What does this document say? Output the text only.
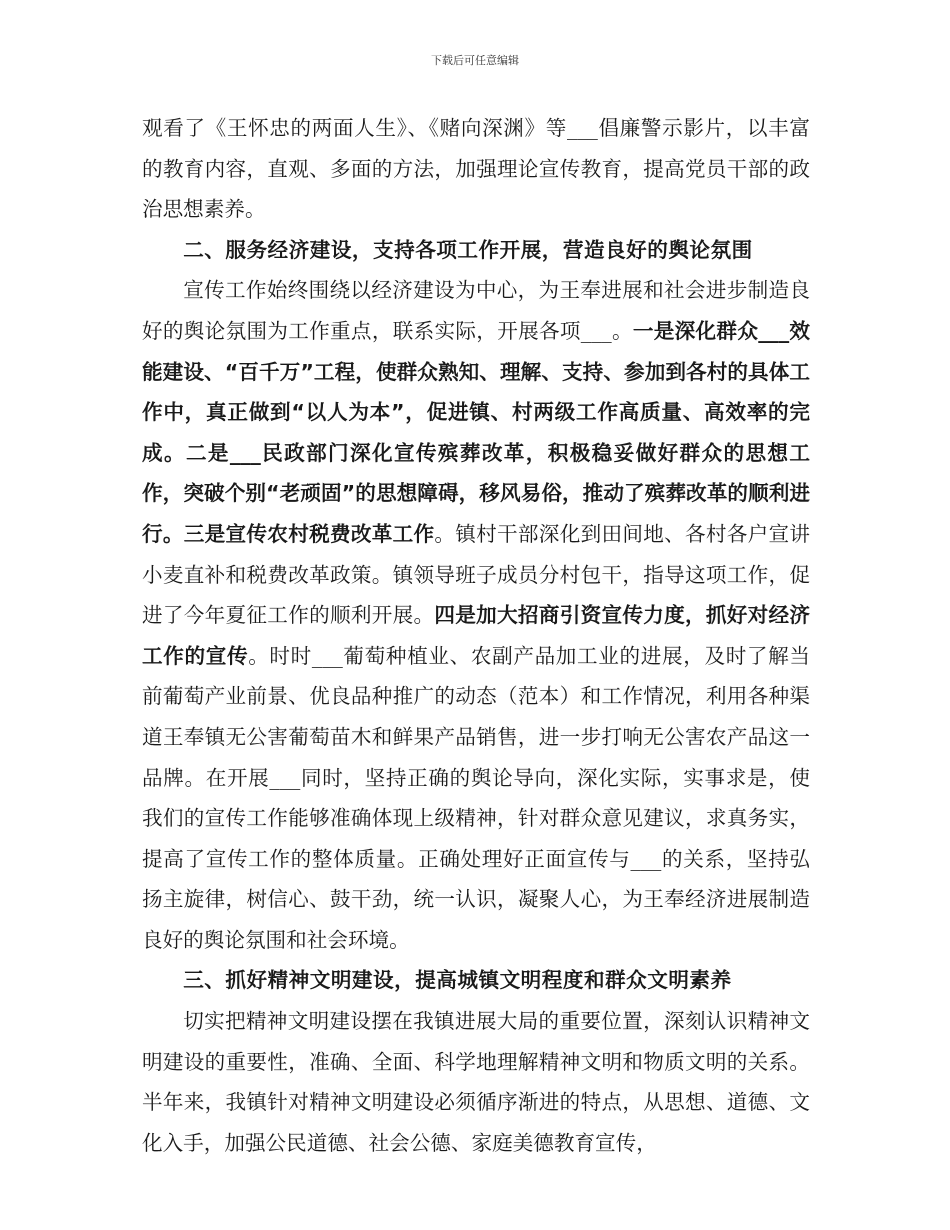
下载后可任意编辑

观看了《王怀忠的两面人生》、《赌向深渊》等___倡廉警示影片，以丰富的教育内容，直观、多面的方法，加强理论宣传教育，提高党员干部的政治思想素养。

二、服务经济建设，支持各项工作开展，营造良好的舆论氛围

宣传工作始终围绕以经济建设为中心，为王奉进展和社会进步制造良好的舆论氛围为工作重点，联系实际，开展各项___。一是深化群众___效能建设、“百千万”工程，使群众熟知、理解、支持、参加到各村的具体工作中，真正做到“以人为本”，促进镇、村两级工作高质量、高效率的完成。二是___民政部门深化宣传殡葬改革，积极稳妥做好群众的思想工作，突破个别“老顽固”的思想障碍，移风易俗，推动了殡葬改革的顺利进行。三是宣传农村税费改革工作。镇村干部深化到田间地、各村各户宣讲小麦直补和税费改革政策。镇领导班子成员分村包干，指导这项工作，促进了今年夏征工作的顺利开展。四是加大招商引资宣传力度，抓好对经济工作的宣传。时时___葡萄种植业、农副产品加工业的进展，及时了解当前葡萄产业前景、优良品种推广的动态（范本）和工作情况，利用各种渠道王奉镇无公害葡萄苗木和鲜果产品销售，进一步打响无公害农产品这一品牌。在开展___同时，坚持正确的舆论导向，深化实际，实事求是，使我们的宣传工作能够准确体现上级精神，针对群众意见建议，求真务实，提高了宣传工作的整体质量。正确处理好正面宣传与___的关系，坚持弘扬主旋律，树信心、鼓干劲，统一认识，凝聚人心，为王奉经济进展制造良好的舆论氛围和社会环境。

三、抓好精神文明建设，提高城镇文明程度和群众文明素养

切实把精神文明建设摆在我镇进展大局的重要位置，深刻认识精神文明建设的重要性，准确、全面、科学地理解精神文明和物质文明的关系。半年来，我镇针对精神文明建设必须循序渐进的特点，从思想、道德、文化入手，加强公民道德、社会公德、家庭美德教育宣传，
